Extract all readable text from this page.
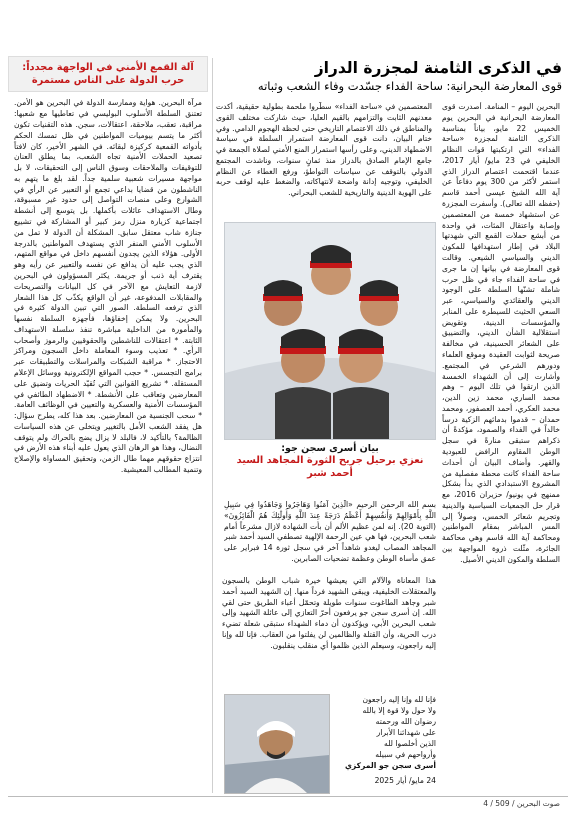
في الذكرى الثامنة لمجزرة الدراز
قوى المعارضة البحرانية: ساحة الفداء جسّدت وفاء الشعب وثباته
البحرين اليوم – المنامة. أصدرت قوى المعارضة البحرانية في البحرين يوم الخميس 22 مايو، بياناً بمناسبة الذكرى الثامنة لمجزرة «ساحة الفداء» التي ارتكبتها قوات النظام الخليفي في 23 مايو/ أيار 2017، عندما اقتحمت اعتصام الدراز الذي استمر لأكثر من 300 يوم دفاعاً عن آية الله الشيخ عيسى أحمد قاسم (حفظه الله تعالى). وأسفرت المجزرة عن استشهاد خمسة من المعتصمين وإصابة واعتقال المئات، في واحدة من أبشع حملات القمع التي شهدتها البلاد في إطار استهدافها للمكون الديني والسياسي الشيعي. وقالت قوى المعارضة في بيانها إن ما جرى في ساحة الفداء جاء في ظل حرب شاملة تشنّها السلطة على الوجود الديني والعقائدي والسياسي، عبر السعي الحثيث للسيطرة على المنابر والمؤسسات الدينية، وتقويض استقلالية الشأن الديني، والتضييق على الشعائر الحسينية، في مخالفة صريحة لثوابت العقيدة وموقع العلماء ودورهم الشرعي في المجتمع. وأشارت إلى أن الشهداء الخمسة الذين ارتقوا في تلك اليوم – وهم محمد الساري، محمد زين الدين، محمد العكري، أحمد العصفور، ومحمد حمدان – قدموا بدمائهم الزكية درساً خالداً في الفداء والصمود، مؤكدةً أن ذكراهم ستبقى منارةً في سجل الوطن المقاوم الرافض للعبودية والقهر. وأضاف البيان أن أحداث ساحة الفداء كانت محطة مفصلية من المشروع الاستبدادي الذي بدأ بشكل ممنهج في يونيو/ حزيران 2016، مع قرار حل الجمعيات السياسية والدينية وتجريم شعائر الخمس، وصولاً إلى المس المباشر بمقام المواطنين ومحاكمة آية الله قاسم وهي محاكمة الجائرة، مثّلت ذروة المواجهة بين السلطة والمكون الديني الأصيل.
المعتصمين في «ساحة الفداء» سطّروا ملحمة بطولية حقيقية، أكدت معدنهم الثابت والتزامهم بالقيم العليا، حيث شاركت مختلف القوى والمناطق في ذلك الاعتصام التاريخي حتى لحظة الهجوم الدامي. وفي ختام البيان، دانت قوى المعارضة استمرار السلطة في سياسة الاضطهاد الديني، وعلى رأسها استمرار المنع الأمني لصلاة الجمعة في جامع الإمام الصادق بالدراز منذ ثمانٍ سنوات، وناشدت المجتمع الدولي بالتوقف عن سياسات التواطؤ، ورفع الغطاء عن النظام الخليفي، وتوجيه إدانة واضحة لانتهاكاته، والضغط عليه لوقف حربه على الهوية الدينية والتاريخية للشعب البحراني.
بيان أسرى سجن جو:
نعزي برحيل جريح الثورة المجاهد السيد أحمد شبر
بسم الله الرحمن الرحيم «الَّذِينَ آمَنُوا وَهَاجَرُوا وَجَاهَدُوا فِي سَبِيلِ اللَّهِ بِأَمْوَالِهِمْ وَأَنفُسِهِمْ أَعْظَمُ دَرَجَةً عِندَ اللَّهِ وَأُولَٰئِكَ هُمُ الْفَائِزُونَ» (التوبة 20). إنه لمن عظيم الألم أن بأت الشهادة لازال مشرعاً أمام شعب البحرين، فها هي عين الرحمة الإلهية تصطفي السيد أحمد شبر المجاهد المصاب ليغدو شاهداً آخر في سجل ثورة 14 فبراير على عمق مأساة الوطن وعظمة تضحيات الصابرين.
هذا المعاناة والآلام التي يعيشها خيرة شباب الوطن بالسجون والمعتقلات الخليفية، ويبقى الشهيد فرداً منها. إن الشهيد السيد أحمد شبر وجاهد الطاغوت سنوات طويلة وتحمّل أعباء الطريق حتى لقي الله. إن أسرى سجن جو يرفعون أحرّ التعازي إلى عائلة الشهيد وإلى شعب البحرين الأبي، ويؤكدون أن دماء الشهداء ستبقى شعلة تضيء درب الحرية، وأن القتلة والظالمين لن يفلتوا من العقاب. فإنا لله وإنا إليه راجعون، وسيعلم الذين ظلموا أي منقلب ينقلبون.
فإنا لله وإنا إليه راجعون
ولا حول ولا قوة إلا بالله
رضوان الله ورحمته
على شهدائنا الأبرار
الذين أخلصوا لله
وأرواحهم في سبيله
أسرى سجن جو المركزي
24 مايو/ أيار 2025
آلة القمع الأمني في الواجهة مجدداً: حرب الدولة على الناس مستمرة
مرآة البحرين. هواية وممارسة الدولة في البحرين هو الأمن. تعتنق السلطة الأسلوب البوليسي في تعاطيها مع شعبها: مراقبة، تعقب، ملاحقة، اعتقالات، سجن. هذه التقنيات تكون أكثر ما يتسم بيوميات المواطنين في ظل تمسك الحكم بأدواته القمعية كركيزة لبقائه. في الشهر الأخير، كان لافتاً تصعيد الحملات الأمنية تجاه الشعب، بما يطلق العنان للتوقيفات والملاحقات وسوق الناس إلى التحقيقات، لا بل مواجهة مسيرات شعبية سلمية جداً. لقد بلغ ما يتهم به الناشطون من قضايا بداعي تجمع أو التعبير عن الرأي في الشوارع وعلى منصات التواصل إلى حدود غير مسبوقة، وطال الاستهداف عائلات بأكملها. بل يتوسع إلى أنشطة اجتماعية كزيارة منزل رمز كبير أو المشاركة في تشييع جنازة شاب معتقل سابق. المشكلة أن الدولة لا تمل من الأسلوب الأمني المنفر الذي يستهدف المواطنين بالدرجة الأولى. هؤلاء الذين يجدون أنفسهم داخل في مواقع المتهم، الذي يجب عليه أن يدافع عن نفسه والتعبير عن رأيه وهو يقترف أية ذنب أو جريمة. يكثر المسؤولون في البحرين لازمة التعايش مع الآخر في كل البيانات والتصريحات والمقابلات المدفوعة، غير أن الواقع يكذّب كل هذا الشعار الذي ترفعه السلطة. الصور التي تبين الدولة كثيرة في البحرين. ولا يمكن إخفاؤها، فأجهزة السلطة نفسها والمأمورة من الداخلية مباشرة تنفذ سلسلة الاستهداف الثابتة. * اعتقالات للناشطين والحقوقيين والرموز وأصحاب الرأي. * تعذيب وسوء المعاملة داخل السجون ومراكز الاحتجاز. * مراقبة الشبكات والمراسلات والتطبيقات عبر برامج التجسس. * حجب المواقع الإلكترونية ووسائل الإعلام المستقلة. * تشريع القوانين التي تُقيّد الحريات وتضيق على المعارضين وتعاقب على الأنشطة. * الاضطهاد الطائفي في المؤسسات الأمنية والعسكرية والتعيين في الوظائف العامة. * سحب الجنسية من المعارضين. بعد هذا كله، يطرح سؤال: هل يفقد الشعب الأمل بالتغيير ويتخلى عن هذه السياسات الظالمة؟ بالتأكيد لا، فالبلد لا يزال يضج بالحراك ولم يتوقف النضال، وهذا هو الرهان الذي يعول عليه أبناء هذه الأرض في انتزاع حقوقهم مهما طال الزمن، وتحقيق المساواة والإصلاح وتنمية المطالب المعيشية.
صوت البحرين / 509 / 4
